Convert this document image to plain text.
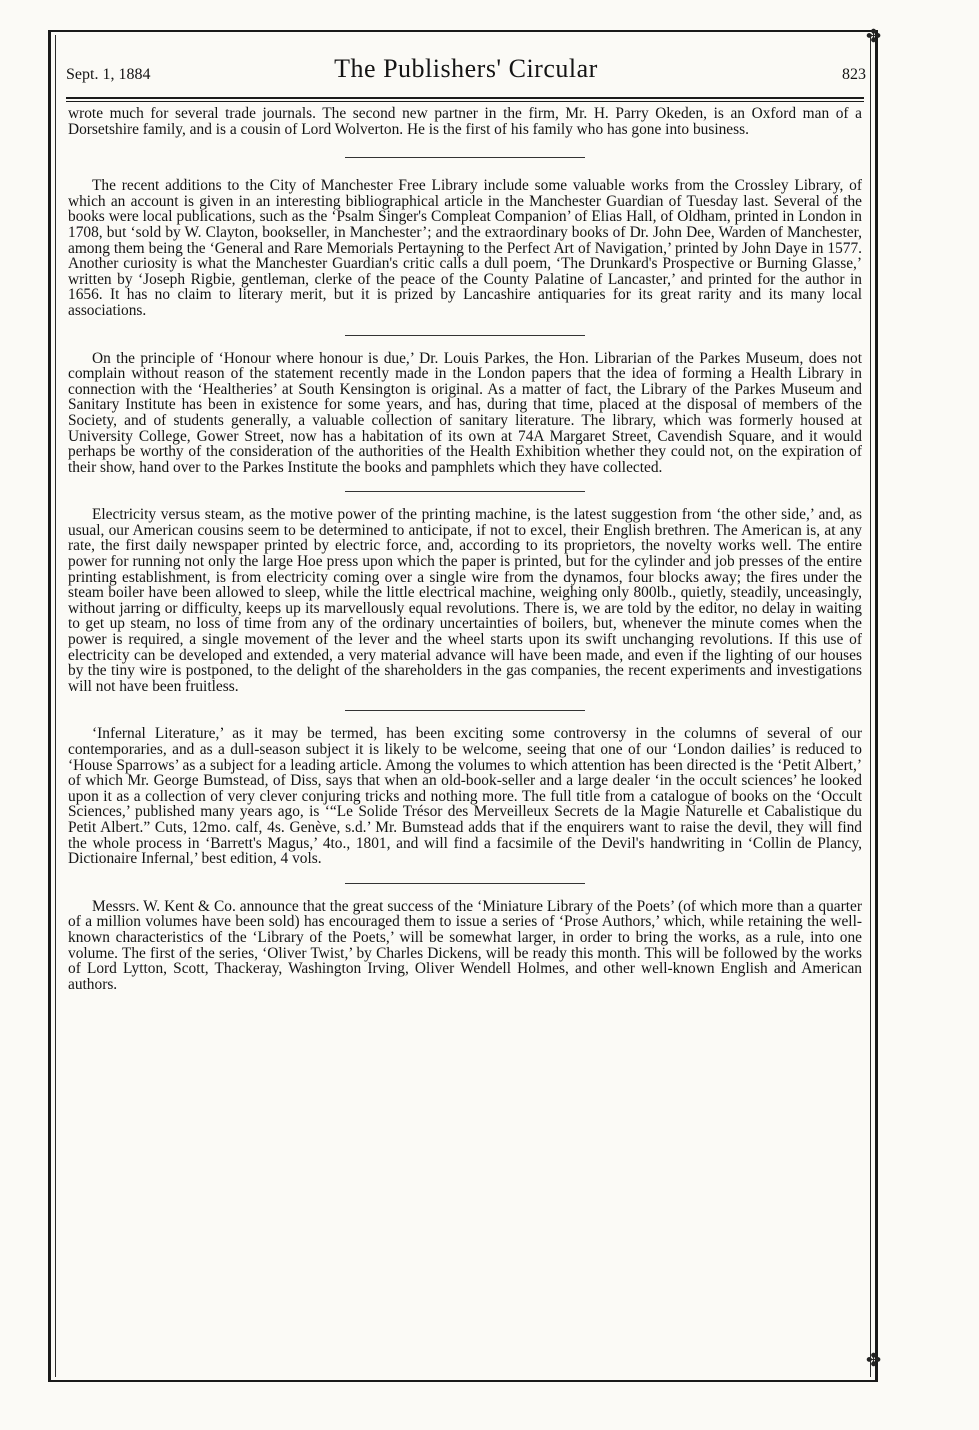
✤
✤
Sept. 1, 1884	The Publishers' Circular	823

wrote much for several trade journals. The second new partner in the firm, Mr. H. Parry Okeden, is an Oxford man of a Dorsetshire family, and is a cousin of Lord Wolverton. He is the first of his family who has gone into business.

The recent additions to the City of Manchester Free Library include some valuable works from the Crossley Library, of which an account is given in an interesting bibliographical article in the Manchester Guardian of Tuesday last. Several of the books were local publications, such as the ‘Psalm Singer's Compleat Companion’ of Elias Hall, of Oldham, printed in London in 1708, but ‘sold by W. Clayton, bookseller, in Manchester’; and the extraordinary books of Dr. John Dee, Warden of Manchester, among them being the ‘General and Rare Memorials Pertayning to the Perfect Art of Navigation,’ printed by John Daye in 1577. Another curiosity is what the Manchester Guardian's critic calls a dull poem, ‘The Drunkard's Prospective or Burning Glasse,’ written by ‘Joseph Rigbie, gentleman, clerke of the peace of the County Palatine of Lancaster,’ and printed for the author in 1656. It has no claim to literary merit, but it is prized by Lancashire antiquaries for its great rarity and its many local associations.

On the principle of ‘Honour where honour is due,’ Dr. Louis Parkes, the Hon. Librarian of the Parkes Museum, does not complain without reason of the statement recently made in the London papers that the idea of forming a Health Library in connection with the ‘Healtheries’ at South Kensington is original. As a matter of fact, the Library of the Parkes Museum and Sanitary Institute has been in existence for some years, and has, during that time, placed at the disposal of members of the Society, and of students generally, a valuable collection of sanitary literature. The library, which was formerly housed at University College, Gower Street, now has a habitation of its own at 74A Margaret Street, Cavendish Square, and it would perhaps be worthy of the consideration of the authorities of the Health Exhibition whether they could not, on the expiration of their show, hand over to the Parkes Institute the books and pamphlets which they have collected.

Electricity versus steam, as the motive power of the printing machine, is the latest suggestion from ‘the other side,’ and, as usual, our American cousins seem to be determined to anticipate, if not to excel, their English brethren. The American is, at any rate, the first daily newspaper printed by electric force, and, according to its proprietors, the novelty works well. The entire power for running not only the large Hoe press upon which the paper is printed, but for the cylinder and job presses of the entire printing establishment, is from electricity coming over a single wire from the dynamos, four blocks away; the fires under the steam boiler have been allowed to sleep, while the little electrical machine, weighing only 800lb., quietly, steadily, unceasingly, without jarring or difficulty, keeps up its marvellously equal revolutions. There is, we are told by the editor, no delay in waiting to get up steam, no loss of time from any of the ordinary uncertainties of boilers, but, whenever the minute comes when the power is required, a single movement of the lever and the wheel starts upon its swift unchanging revolutions. If this use of electricity can be developed and extended, a very material advance will have been made, and even if the lighting of our houses by the tiny wire is postponed, to the delight of the shareholders in the gas companies, the recent experiments and investigations will not have been fruitless.

‘Infernal Literature,’ as it may be termed, has been exciting some controversy in the columns of several of our contemporaries, and as a dull-season subject it is likely to be welcome, seeing that one of our ‘London dailies’ is reduced to ‘House Sparrows’ as a subject for a leading article. Among the volumes to which attention has been directed is the ‘Petit Albert,’ of which Mr. George Bumstead, of Diss, says that when an old-book-seller and a large dealer ‘in the occult sciences’ he looked upon it as a collection of very clever conjuring tricks and nothing more. The full title from a catalogue of books on the ‘Occult Sciences,’ published many years ago, is ‘“Le Solide Trésor des Merveilleux Secrets de la Magie Naturelle et Cabalistique du Petit Albert.” Cuts, 12mo. calf, 4s. Genève, s.d.’ Mr. Bumstead adds that if the enquirers want to raise the devil, they will find the whole process in ‘Barrett's Magus,’ 4to., 1801, and will find a facsimile of the Devil's handwriting in ‘Collin de Plancy, Dictionaire Infernal,’ best edition, 4 vols.

Messrs. W. Kent & Co. announce that the great success of the ‘Miniature Library of the Poets’ (of which more than a quarter of a million volumes have been sold) has encouraged them to issue a series of ‘Prose Authors,’ which, while retaining the well-known characteristics of the ‘Library of the Poets,’ will be somewhat larger, in order to bring the works, as a rule, into one volume. The first of the series, ‘Oliver Twist,’ by Charles Dickens, will be ready this month. This will be followed by the works of Lord Lytton, Scott, Thackeray, Washington Irving, Oliver Wendell Holmes, and other well-known English and American authors.
